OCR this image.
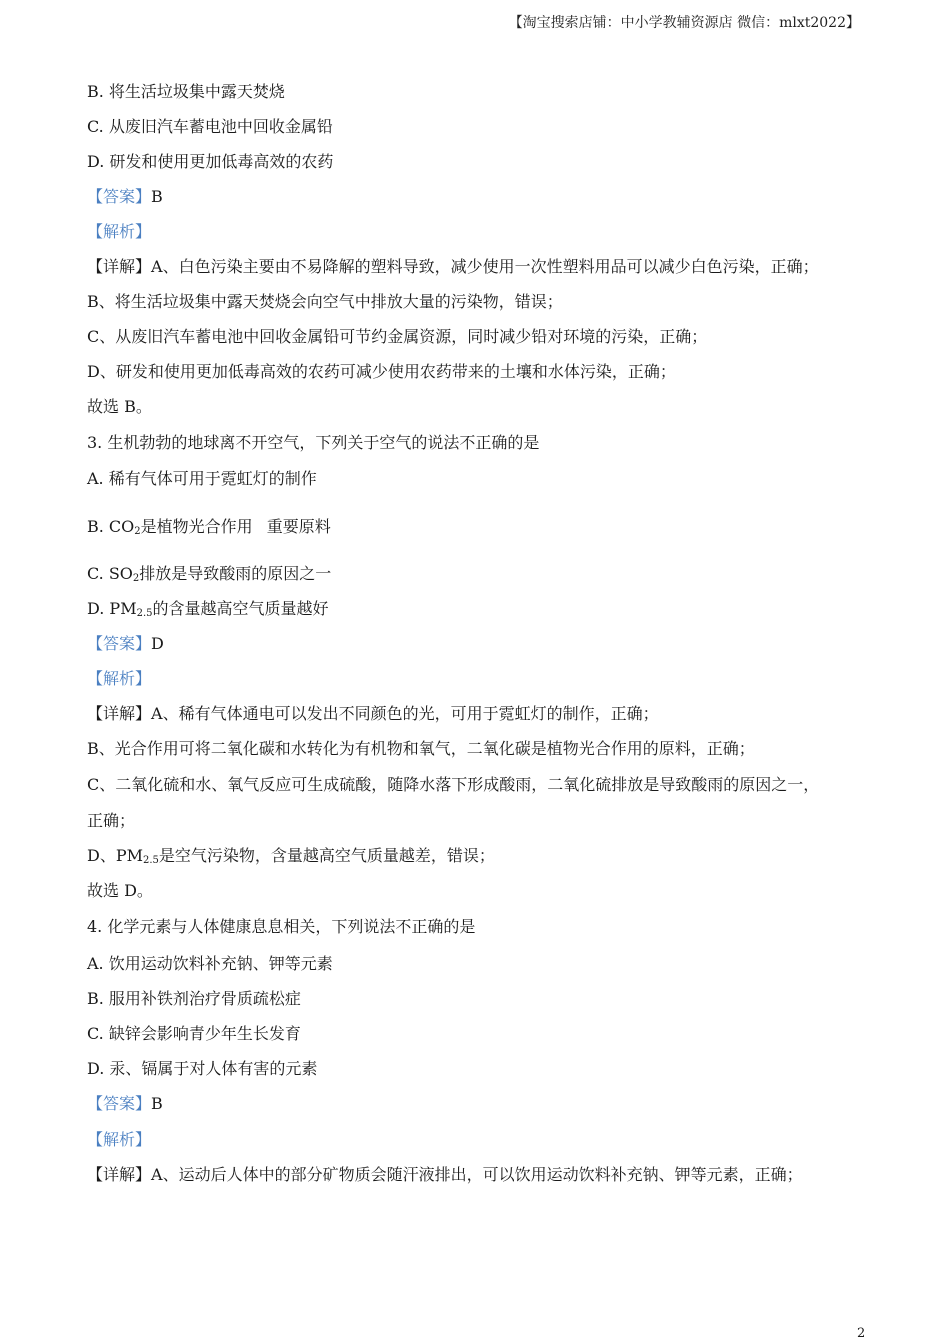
【淘宝搜索店铺：中小学教辅资源店 微信：mlxt2022】
B. 将生活垃圾集中露天焚烧
C. 从废旧汽车蓄电池中回收金属铅
D. 研发和使用更加低毒高效的农药
【答案】B
【解析】
【详解】A、白色污染主要由不易降解的塑料导致，减少使用一次性塑料用品可以减少白色污染，正确；
B、将生活垃圾集中露天焚烧会向空气中排放大量的污染物，错误；
C、从废旧汽车蓄电池中回收金属铅可节约金属资源，同时减少铅对环境的污染，正确；
D、研发和使用更加低毒高效的农药可减少使用农药带来的土壤和水体污染，正确；
故选 B。
3. 生机勃勃的地球离不开空气，下列关于空气的说法不正确的是
A. 稀有气体可用于霓虹灯的制作
B. $CO_2$是植物光合作用 重要原料
C. $SO_2$排放是导致酸雨的原因之一
D. $PM_{2.5}$的含量越高空气质量越好
【答案】D
【解析】
【详解】A、稀有气体通电可以发出不同颜色的光，可用于霓虹灯的制作，正确；
B、光合作用可将二氧化碳和水转化为有机物和氧气，二氧化碳是植物光合作用的原料，正确；
C、二氧化硫和水、氧气反应可生成硫酸，随降水落下形成酸雨，二氧化硫排放是导致酸雨的原因之一，
正确；
D、$PM_{2.5}$是空气污染物，含量越高空气质量越差，错误；
故选 D。
4. 化学元素与人体健康息息相关，下列说法不正确的是
A. 饮用运动饮料补充钠、钾等元素
B. 服用补铁剂治疗骨质疏松症
C. 缺锌会影响青少年生长发育
D. 汞、镉属于对人体有害的元素
【答案】B
【解析】
【详解】A、运动后人体中的部分矿物质会随汗液排出，可以饮用运动饮料补充钠、钾等元素，正确；
2
